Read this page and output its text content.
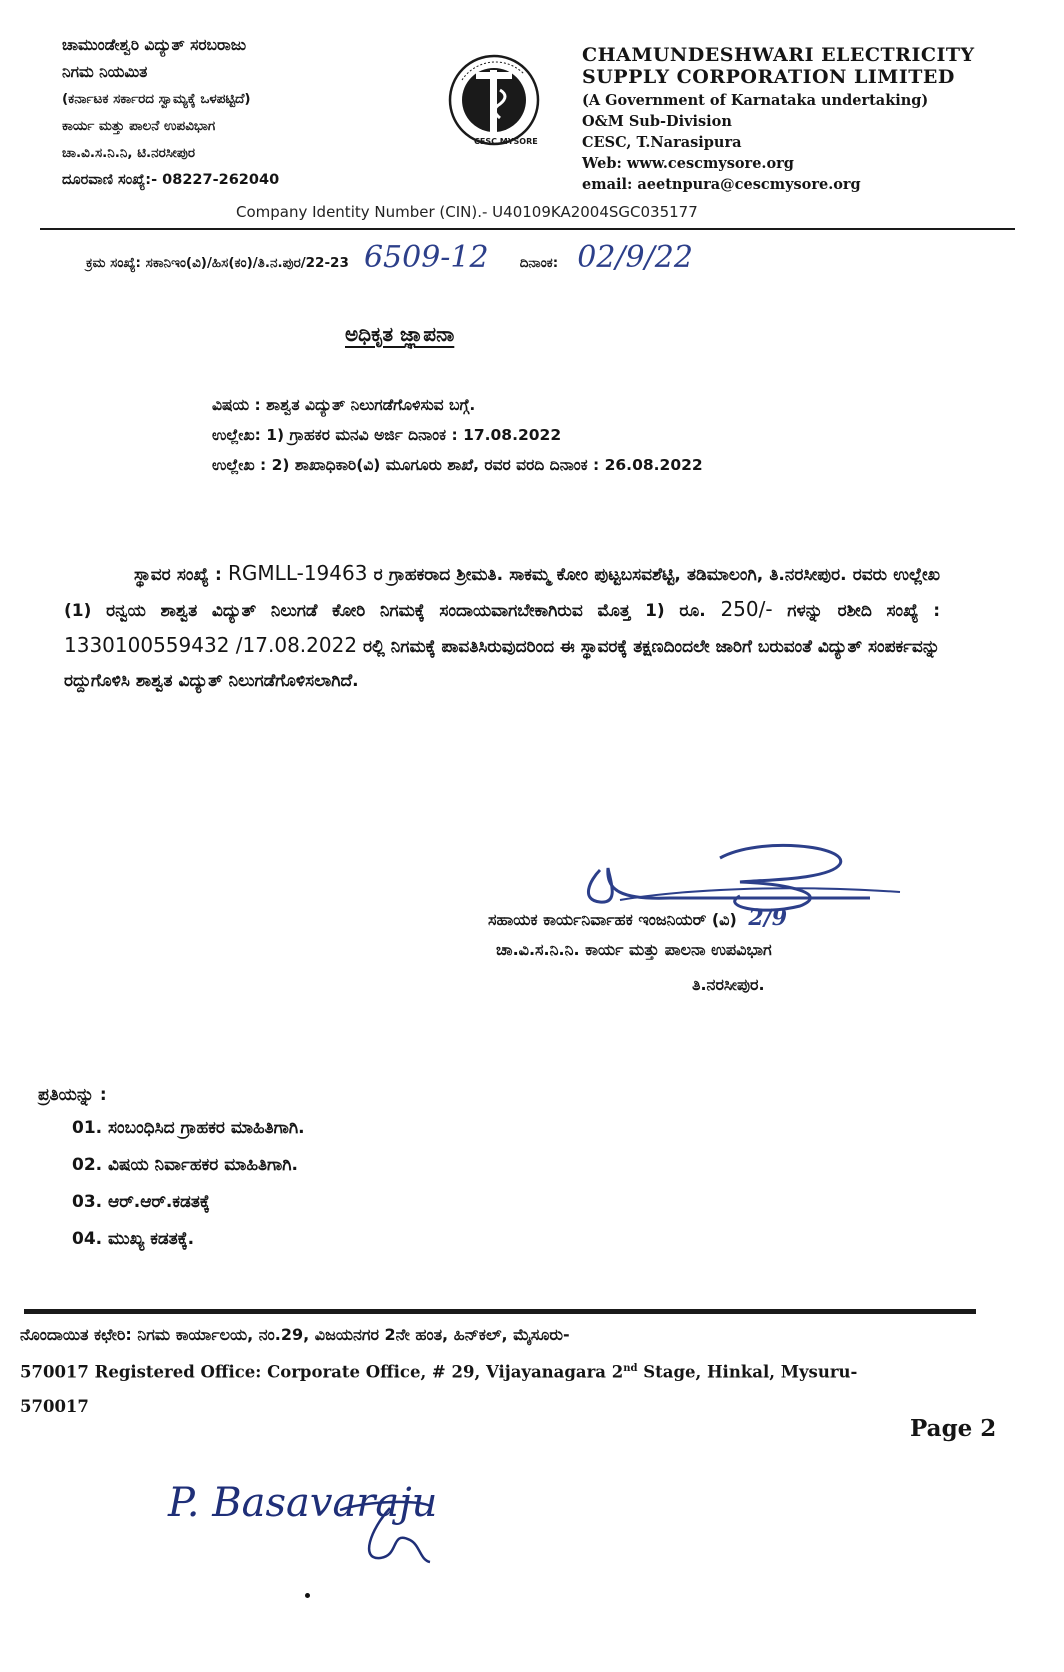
ಚಾಮುಂಡೇಶ್ವರಿ ವಿದ್ಯುತ್ ಸರಬರಾಜು
ನಿಗಮ ನಿಯಮಿತ
(ಕರ್ನಾಟಕ ಸರ್ಕಾರದ ಸ್ವಾಮ್ಯಕ್ಕೆ ಒಳಪಟ್ಟಿದೆ)
ಕಾರ್ಯ ಮತ್ತು ಪಾಲನೆ ಉಪವಿಭಾಗ
ಚಾ.ವಿ.ಸ.ನಿ.ನಿ, ಟಿ.ನರಸೀಪುರ
ದೂರವಾಣಿ ಸಂಖ್ಯೆ:- 08227-262040
CESC MYSORE
CHAMUNDESHWARI ELECTRICITY
SUPPLY CORPORATION LIMITED
(A Government of Karnataka undertaking)
O&M Sub-Division
CESC, T.Narasipura
Web: www.cescmysore.org
email: aeetnpura@cescmysore.org
Company Identity Number (CIN).- U40109KA2004SGC035177
ಕ್ರಮ ಸಂಖ್ಯೆ: ಸಕಾನಿಇಂ(ವಿ)/ಹಿಸ(ಕಂ)/ತಿ.ನ.ಪುರ/22-23 6509-12 ದಿನಾಂಕ: 02/9/22
ಅಧಿಕೃತ ಜ್ಞಾಪನಾ
ವಿಷಯ : ಶಾಶ್ವತ ವಿದ್ಯುತ್ ನಿಲುಗಡೆಗೊಳಿಸುವ ಬಗ್ಗೆ.
ಉಲ್ಲೇಖ: 1) ಗ್ರಾಹಕರ ಮನವಿ ಅರ್ಜಿ ದಿನಾಂಕ : 17.08.2022
ಉಲ್ಲೇಖ : 2) ಶಾಖಾಧಿಕಾರಿ(ವಿ) ಮೂಗೂರು ಶಾಖೆ, ರವರ ವರದಿ ದಿನಾಂಕ : 26.08.2022
ಸ್ಥಾವರ ಸಂಖ್ಯೆ : RGMLL-19463 ರ ಗ್ರಾಹಕರಾದ ಶ್ರೀಮತಿ. ಸಾಕಮ್ಮ ಕೋಂ ಪುಟ್ಟಬಸವಶೆಟ್ಟಿ, ತಡಿಮಾಲಂಗಿ, ತಿ.ನರಸೀಪುರ. ರವರು ಉಲ್ಲೇಖ (1) ರನ್ವಯ ಶಾಶ್ವತ ವಿದ್ಯುತ್ ನಿಲುಗಡೆ ಕೋರಿ ನಿಗಮಕ್ಕೆ ಸಂದಾಯವಾಗಬೇಕಾಗಿರುವ ಮೊತ್ತ 1) ರೂ. 250/- ಗಳನ್ನು ರಶೀದಿ ಸಂಖ್ಯೆ : 1330100559432 /17.08.2022 ರಲ್ಲಿ ನಿಗಮಕ್ಕೆ ಪಾವತಿಸಿರುವುದರಿಂದ ಈ ಸ್ಥಾವರಕ್ಕೆ ತಕ್ಷಣದಿಂದಲೇ ಜಾರಿಗೆ ಬರುವಂತೆ ವಿದ್ಯುತ್ ಸಂಪರ್ಕವನ್ನು ರದ್ದುಗೊಳಿಸಿ ಶಾಶ್ವತ ವಿದ್ಯುತ್ ನಿಲುಗಡೆಗೊಳಿಸಲಾಗಿದೆ.
ಸಹಾಯಕ ಕಾರ್ಯನಿರ್ವಾಹಕ ಇಂಜನಿಯರ್ (ವಿ) 2/9
ಚಾ.ವಿ.ಸ.ನಿ.ನಿ. ಕಾರ್ಯ ಮತ್ತು ಪಾಲನಾ ಉಪವಿಭಾಗ
ತಿ.ನರಸೀಪುರ.
ಪ್ರತಿಯನ್ನು :
01. ಸಂಬಂಧಿಸಿದ ಗ್ರಾಹಕರ ಮಾಹಿತಿಗಾಗಿ.
02. ವಿಷಯ ನಿರ್ವಾಹಕರ ಮಾಹಿತಿಗಾಗಿ.
03. ಆರ್.ಆರ್.ಕಡತಕ್ಕೆ
04. ಮುಖ್ಯ ಕಡತಕ್ಕೆ.
ನೊಂದಾಯಿತ ಕಛೇರಿ: ನಿಗಮ ಕಾರ್ಯಾಲಯ, ನಂ.29, ವಿಜಯನಗರ 2ನೇ ಹಂತ, ಹಿನ್‌ಕಲ್, ಮೈಸೂರು-
570017 Registered Office: Corporate Office, # 29, Vijayanagara 2nd Stage, Hinkal, Mysuru-
570017
Page 2
P. Basavaraju
